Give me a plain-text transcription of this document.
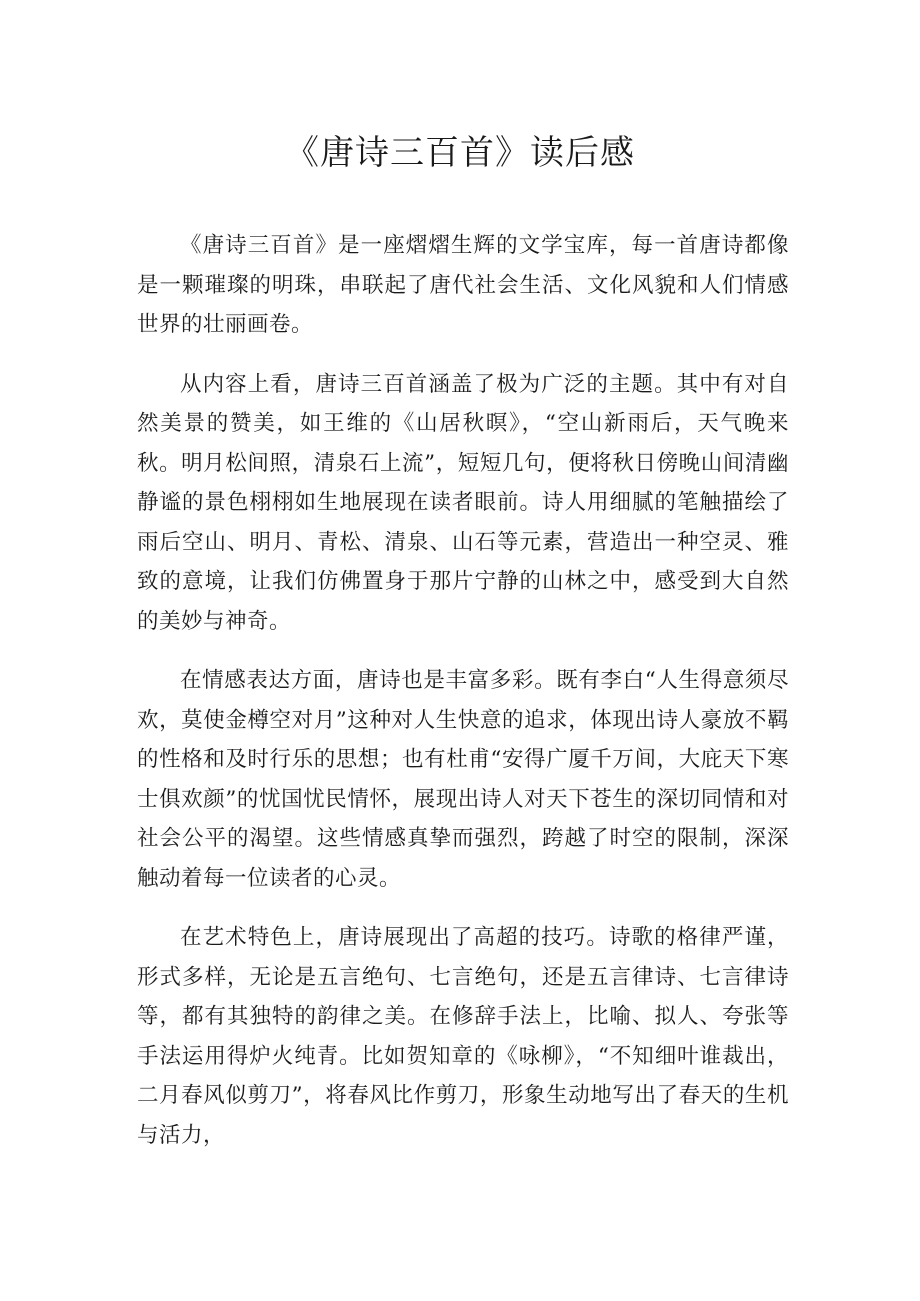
《唐诗三百首》读后感

《唐诗三百首》是一座熠熠生辉的文学宝库，每一首唐诗都像是一颗璀璨的明珠，串联起了唐代社会生活、文化风貌和人们情感世界的壮丽画卷。

从内容上看，唐诗三百首涵盖了极为广泛的主题。其中有对自然美景的赞美，如王维的《山居秋暝》，“空山新雨后，天气晚来秋。明月松间照，清泉石上流”，短短几句，便将秋日傍晚山间清幽静谧的景色栩栩如生地展现在读者眼前。诗人用细腻的笔触描绘了雨后空山、明月、青松、清泉、山石等元素，营造出一种空灵、雅致的意境，让我们仿佛置身于那片宁静的山林之中，感受到大自然的美妙与神奇。

在情感表达方面，唐诗也是丰富多彩。既有李白“人生得意须尽欢，莫使金樽空对月”这种对人生快意的追求，体现出诗人豪放不羁的性格和及时行乐的思想；也有杜甫“安得广厦千万间，大庇天下寒士俱欢颜”的忧国忧民情怀，展现出诗人对天下苍生的深切同情和对社会公平的渴望。这些情感真挚而强烈，跨越了时空的限制，深深触动着每一位读者的心灵。

在艺术特色上，唐诗展现出了高超的技巧。诗歌的格律严谨，形式多样，无论是五言绝句、七言绝句，还是五言律诗、七言律诗等，都有其独特的韵律之美。在修辞手法上，比喻、拟人、夸张等手法运用得炉火纯青。比如贺知章的《咏柳》，“不知细叶谁裁出，二月春风似剪刀”，将春风比作剪刀，形象生动地写出了春天的生机与活力，
